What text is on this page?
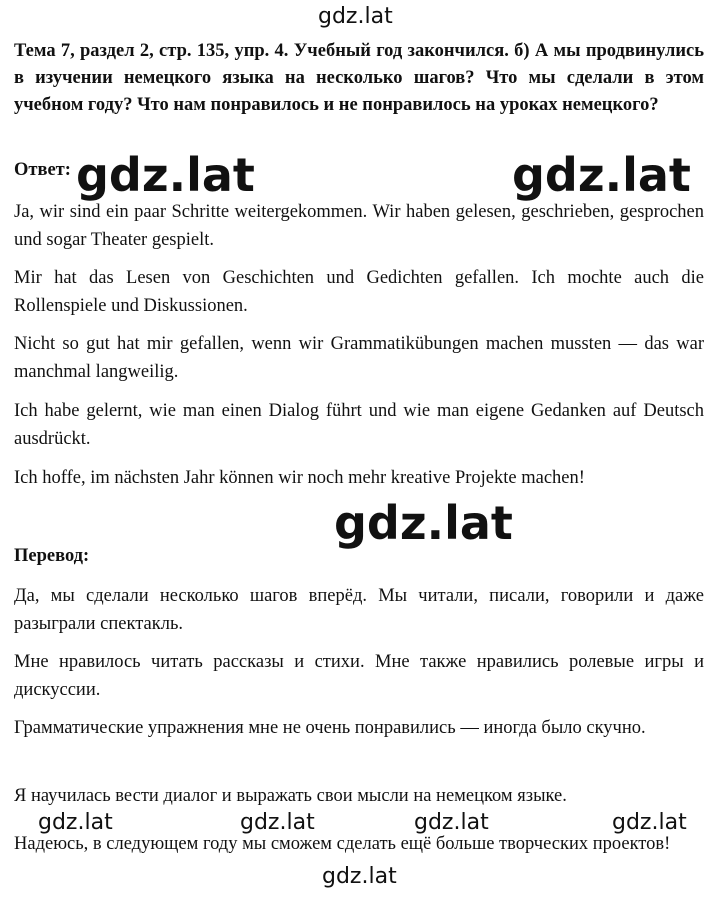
gdz.lat
Тема 7, раздел 2, стр. 135, упр. 4. Учебный год закончился. б) А мы продвинулись в изучении немецкого языка на несколько шагов? Что мы сделали в этом учебном году? Что нам понравилось и не понравилось на уроках немецкого?
Ответ: gdz.lat	gdz.lat
Ja, wir sind ein paar Schritte weitergekommen. Wir haben gelesen, geschrieben, gesprochen und sogar Theater gespielt.
Mir hat das Lesen von Geschichten und Gedichten gefallen. Ich mochte auch die Rollenspiele und Diskussionen.
Nicht so gut hat mir gefallen, wenn wir Grammatikübungen machen mussten — das war manchmal langweilig.
Ich habe gelernt, wie man einen Dialog führt und wie man eigene Gedanken auf Deutsch ausdrückt.
Ich hoffe, im nächsten Jahr können wir noch mehr kreative Projekte machen!
gdz.lat
Перевод:
Да, мы сделали несколько шагов вперёд. Мы читали, писали, говорили и даже разыграли спектакль.
Мне нравилось читать рассказы и стихи. Мне также нравились ролевые игры и дискуссии.
Грамматические упражнения мне не очень понравились — иногда было скучно.
Я научилась вести диалог и выражать свои мысли на немецком языке.
gdz.lat	gdz.lat	gdz.lat	gdz.lat
Надеюсь, в следующем году мы сможем сделать ещё больше творческих проектов!
gdz.lat
